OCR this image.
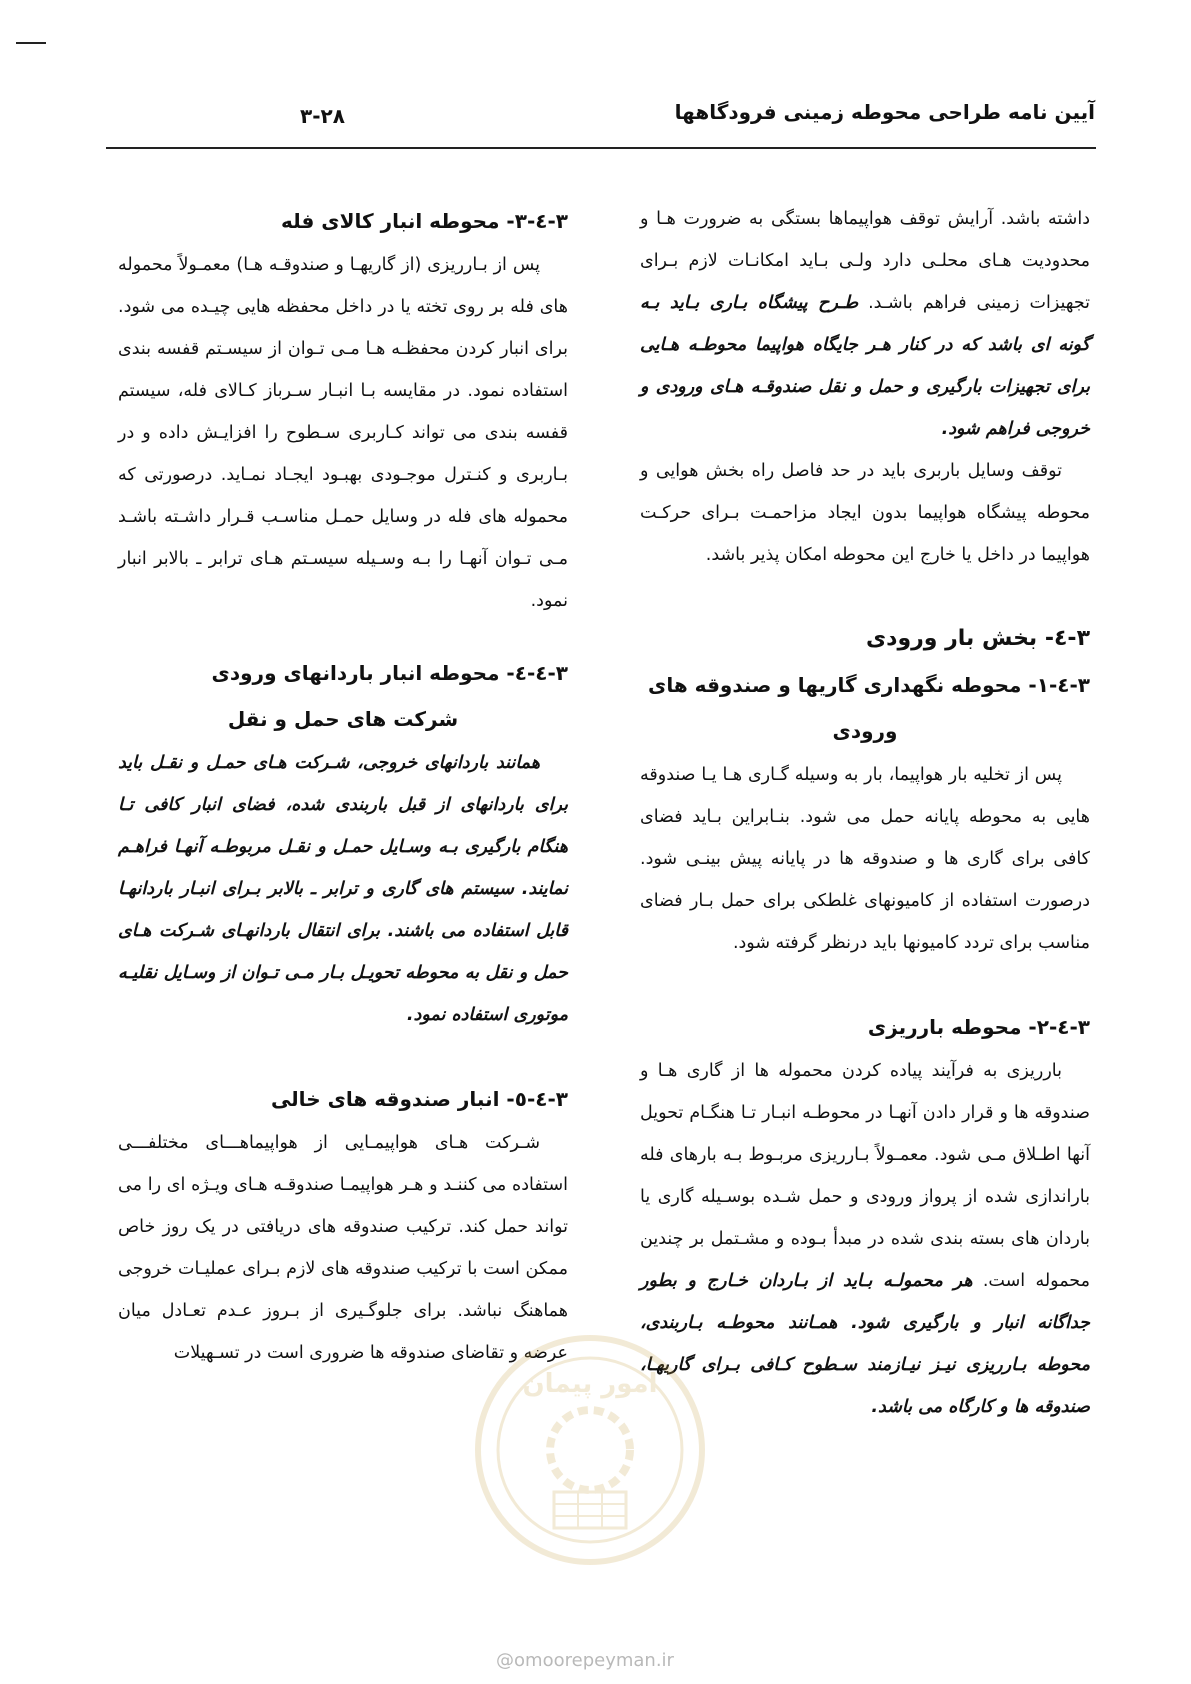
۳-۲۸	آیین نامه طراحی محوطه زمینی فرودگاهها

داشته باشد. آرایش توقف هواپیماها بستگی به ضرورت هـا و محدودیت هـای محلـی دارد ولـی بـاید امکانـات لازم بـرای تجهیزات زمینی فراهم باشـد. طـرح پیشگاه بـاری بـاید بـه گونه ای باشد که در کنار هـر جایگاه هواپیما محوطـه هـایی برای تجهیزات بارگیری و حمل و نقل صندوقـه هـای ورودی و خروجی فراهم شود.

توقف وسایل باربری باید در حد فاصل راه بخش هوایی و محوطه پیشگاه هواپیما بدون ایجاد مزاحمـت بـرای حرکـت هواپیما در داخل یا خارج این محوطه امکان پذیر باشد.

۳-٤- بخش بار ورودی
۳-٤-۱- محوطه نگهداری گاریها و صندوقه های
ورودی

پس از تخلیه بار هواپیما، بار به وسیله گـاری هـا یـا صندوقه هایی به محوطه پایانه حمل می شود. بنـابراین بـاید فضای کافی برای گاری ها و صندوقه ها در پایانه پیش بینـی شود. درصورت استفاده از کامیونهای غلطکی برای حمل بـار فضای مناسب برای تردد کامیونها باید درنظر گرفته شود.

۳-٤-۲- محوطه بارریزی

بارریزی به فرآیند پیاده کردن محموله ها از گاری هـا و صندوقه ها و قرار دادن آنهـا در محوطـه انبـار تـا هنگـام تحویل آنها اطـلاق مـی شود. معمـولاً بـارریزی مربـوط بـه بارهای فله باراندازی شده از پرواز ورودی و حمل شـده بوسـیله گاری یا باردان های بسته بندی شده در مبدأ بـوده و مشـتمل بر چندین محموله است. هر محمولـه بـاید از بـاردان خـارج و بطور جداگانه انبار و بارگیری شود. همـانند محوطـه بـاربندی، محوطه بـارریزی نیـز نیـازمند سـطوح کـافی بـرای گاریهـا، صندوقه ها و کارگاه می باشد.

۳-٤-۳- محوطه انبار کالای فله

پس از بـارریزی (از گاریهـا و صندوقـه هـا) معمـولاً محموله های فله بر روی تخته یا در داخل محفظه هایی چیـده می شود. برای انبار کردن محفظـه هـا مـی تـوان از سیسـتم قفسه بندی استفاده نمود. در مقایسه بـا انبـار سـرباز کـالای فله، سیستم قفسه بندی می تواند کـاربری سـطوح را افزایـش داده و در بـاربری و کنـترل موجـودی بهبـود ایجـاد نمـاید. درصورتی که محموله های فله در وسایل حمـل مناسـب قـرار داشـته باشـد مـی تـوان آنهـا را بـه وسـیله سیسـتم هـای ترابر ـ بالابر انبار نمود.

۳-٤-٤- محوطه انبار باردانهای ورودی
شرکت های حمل و نقل

همانند باردانهای خروجی، شـرکت هـای حمـل و نقـل باید برای باردانهای از قبل باربندی شده، فضای انبار کافی تـا هنگام بارگیری بـه وسـایل حمـل و نقـل مربوطـه آنهـا فراهـم نمایند. سیستم های گاری و ترابر ـ بالابر بـرای انبـار باردانهـا قابل استفاده می باشند. برای انتقال باردانهـای شـرکت هـای حمل و نقل به محوطه تحویـل بـار مـی تـوان از وسـایل نقلیـه موتوری استفاده نمود.

۳-٤-٥- انبار صندوقه های خالی

شـرکت هـای هواپیمـایی از هواپیماهـــای مختلفـــی استفاده می کننـد و هـر هواپیمـا صندوقـه هـای ویـژه ای را می تواند حمل کند. ترکیب صندوقه های دریافتی در یک روز خاص ممکن است با ترکیب صندوقه های لازم بـرای عملیـات خروجی هماهنگ نباشد. برای جلوگـیری از بـروز عـدم تعـادل میان عرضه و تقاضای صندوقه ها ضروری است در تسـهیلات

امور پیمان
@omoorepeyman.ir
